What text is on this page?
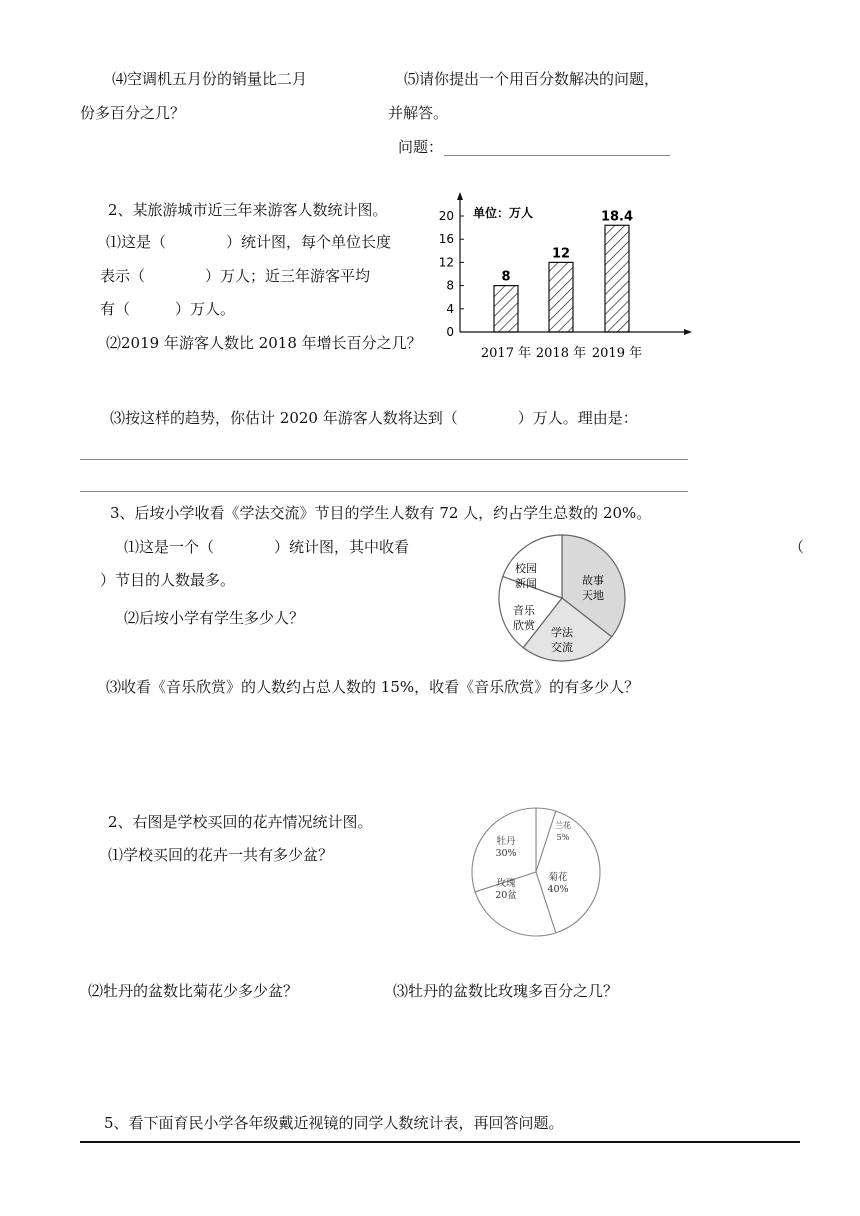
⑷空调机五月份的销量比二月
份多百分之几？
⑸请你提出一个用百分数解决的问题，
并解答。
问题：
2、某旅游城市近三年来游客人数统计图。
⑴这是（　　　　）统计图，每个单位长度
表示（　　　　）万人；近三年游客平均
有（　　　）万人。
⑵2019 年游客人数比 2018 年增长百分之几？
单位：万人
0
4
8
12
16
20
8
2017 年
12
2018 年
18.4
2019 年
⑶按这样的趋势，你估计 2020 年游客人数将达到（　　　　）万人。理由是：
3、后垵小学收看《学法交流》节目的学生人数有 72 人，约占学生总数的 20%。
⑴这是一个（　　　　）统计图，其中收看	（
）节目的人数最多。
⑵后垵小学有学生多少人？
故事
天地
学法
交流
音乐
欣赏
校园
新闻
⑶收看《音乐欣赏》的人数约占总人数的 15%，收看《音乐欣赏》的有多少人？
2、右图是学校买回的花卉情况统计图。
⑴学校买回的花卉一共有多少盆？
兰花
5%
菊花
40%
玫瑰
20盆
牡丹
30%
⑵牡丹的盆数比菊花少多少盆？	⑶牡丹的盆数比玫瑰多百分之几？
5、看下面育民小学各年级戴近视镜的同学人数统计表，再回答问题。
